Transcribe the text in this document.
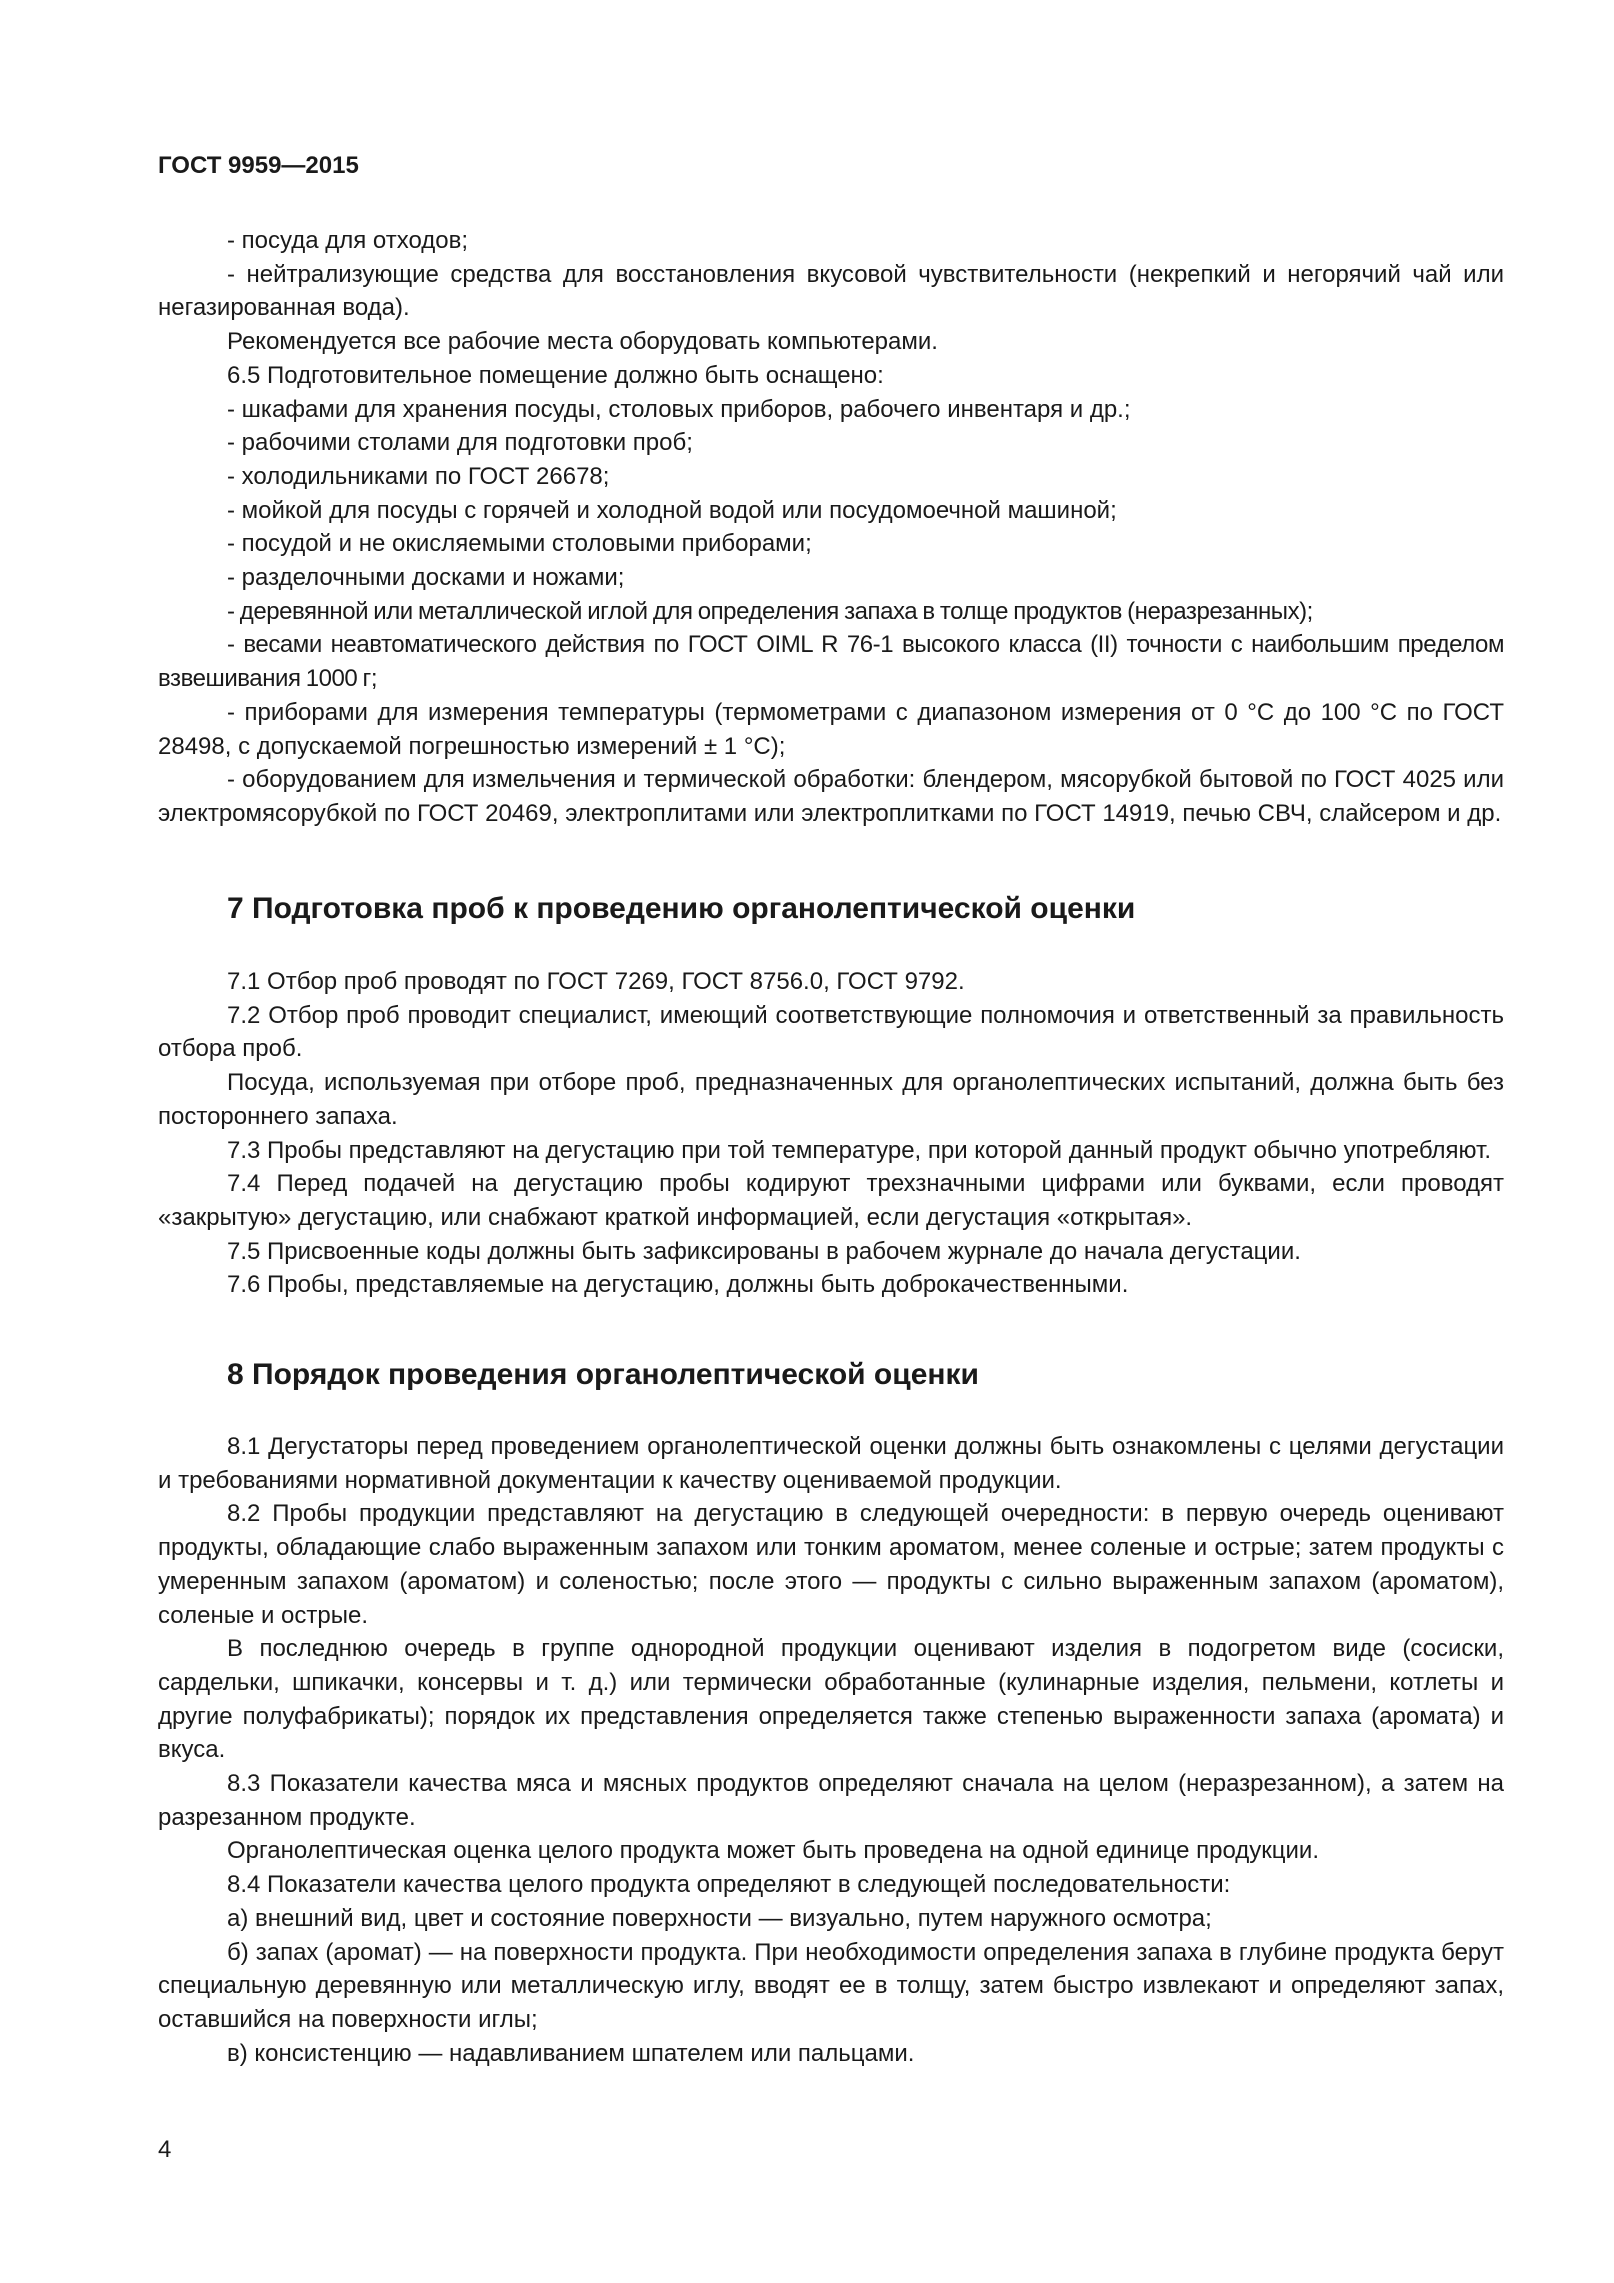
ГОСТ 9959—2015

- посуда для отходов;

- нейтрализующие средства для восстановления вкусовой чувствительности (некрепкий и негорячий чай или негазированная вода).

Рекомендуется все рабочие места оборудовать компьютерами.

6.5 Подготовительное помещение должно быть оснащено:

- шкафами для хранения посуды, столовых приборов, рабочего инвентаря и др.;

- рабочими столами для подготовки проб;

- холодильниками по ГОСТ 26678;

- мойкой для посуды с горячей и холодной водой или посудомоечной машиной;

- посудой и не окисляемыми столовыми приборами;

- разделочными досками и ножами;

- деревянной или металлической иглой для определения запаха в толще продуктов (неразрезанных);

- весами неавтоматического действия по ГОСТ OIML R 76-1 высокого класса (II) точности с наибольшим пределом взвешивания 1000 г;

- приборами для измерения температуры (термометрами с диапазоном измерения от 0 °С до 100 °С по ГОСТ 28498, с допускаемой погрешностью измерений ± 1 °С);

- оборудованием для измельчения и термической обработки: блендером, мясорубкой бытовой по ГОСТ 4025 или электромясорубкой по ГОСТ 20469, электроплитами или электроплитками по ГОСТ 14919, печью СВЧ, слайсером и др.

7 Подготовка проб к проведению органолептической оценки

7.1 Отбор проб проводят по ГОСТ 7269, ГОСТ 8756.0, ГОСТ 9792.

7.2 Отбор проб проводит специалист, имеющий соответствующие полномочия и ответственный за правильность отбора проб.

Посуда, используемая при отборе проб, предназначенных для органолептических испытаний, должна быть без постороннего запаха.

7.3 Пробы представляют на дегустацию при той температуре, при которой данный продукт обычно употребляют.

7.4 Перед подачей на дегустацию пробы кодируют трехзначными цифрами или буквами, если проводят «закрытую» дегустацию, или снабжают краткой информацией, если дегустация «открытая».

7.5 Присвоенные коды должны быть зафиксированы в рабочем журнале до начала дегустации.

7.6 Пробы, представляемые на дегустацию, должны быть доброкачественными.

8 Порядок проведения органолептической оценки

8.1 Дегустаторы перед проведением органолептической оценки должны быть ознакомлены с целями дегустации и требованиями нормативной документации к качеству оцениваемой продукции.

8.2 Пробы продукции представляют на дегустацию в следующей очередности: в первую очередь оценивают продукты, обладающие слабо выраженным запахом или тонким ароматом, менее соленые и острые; затем продукты с умеренным запахом (ароматом) и соленостью; после этого — продукты с сильно выраженным запахом (ароматом), соленые и острые.

В последнюю очередь в группе однородной продукции оценивают изделия в подогретом виде (сосиски, сардельки, шпикачки, консервы и т. д.) или термически обработанные (кулинарные изделия, пельмени, котлеты и другие полуфабрикаты); порядок их представления определяется также степенью выраженности запаха (аромата) и вкуса.

8.3 Показатели качества мяса и мясных продуктов определяют сначала на целом (неразрезанном), а затем на разрезанном продукте.

Органолептическая оценка целого продукта может быть проведена на одной единице продукции.

8.4 Показатели качества целого продукта определяют в следующей последовательности:

а) внешний вид, цвет и состояние поверхности — визуально, путем наружного осмотра;

б) запах (аромат) — на поверхности продукта. При необходимости определения запаха в глубине продукта берут специальную деревянную или металлическую иглу, вводят ее в толщу, затем быстро извлекают и определяют запах, оставшийся на поверхности иглы;

в) консистенцию — надавливанием шпателем или пальцами.

4
